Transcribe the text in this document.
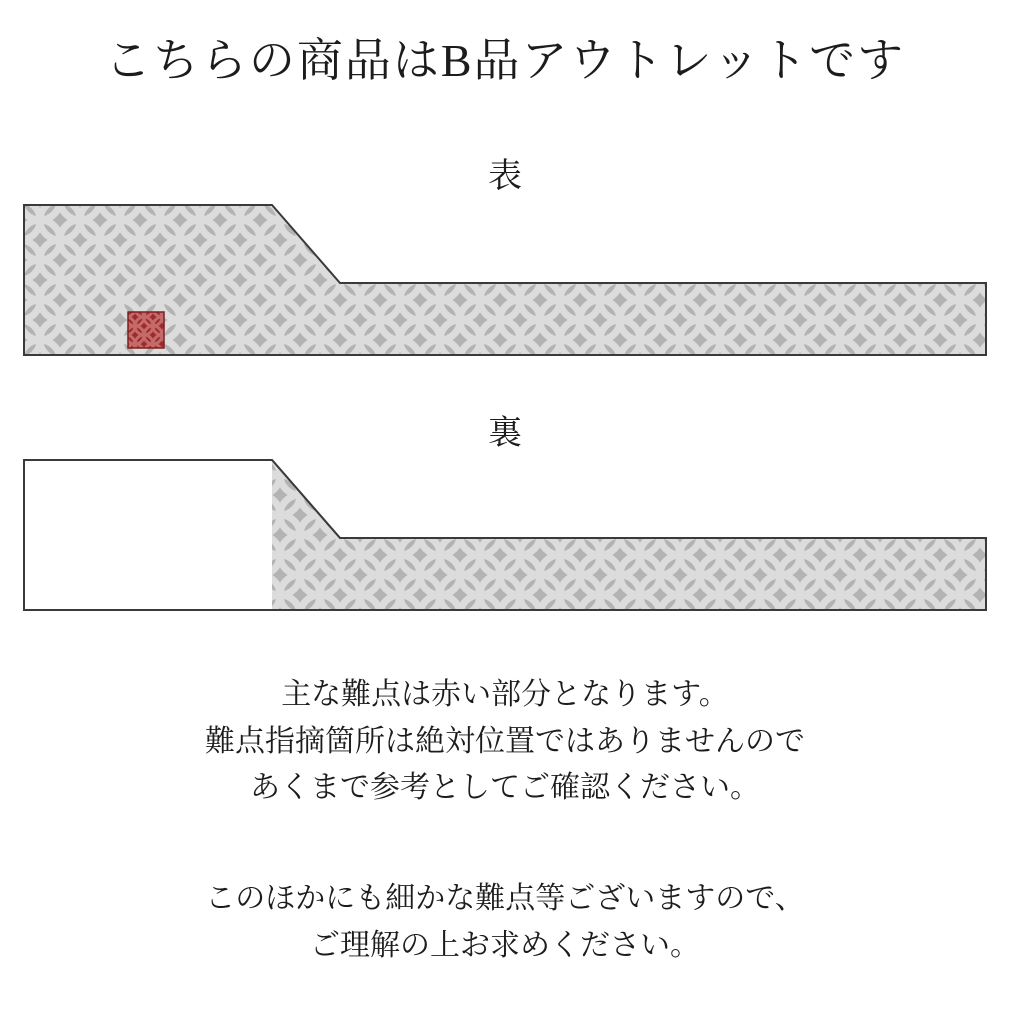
こちらの商品はB品アウトレットです
表
裏
主な難点は赤い部分となります。
難点指摘箇所は絶対位置ではありませんので
あくまで参考としてご確認ください。
このほかにも細かな難点等ございますので、
ご理解の上お求めください。
